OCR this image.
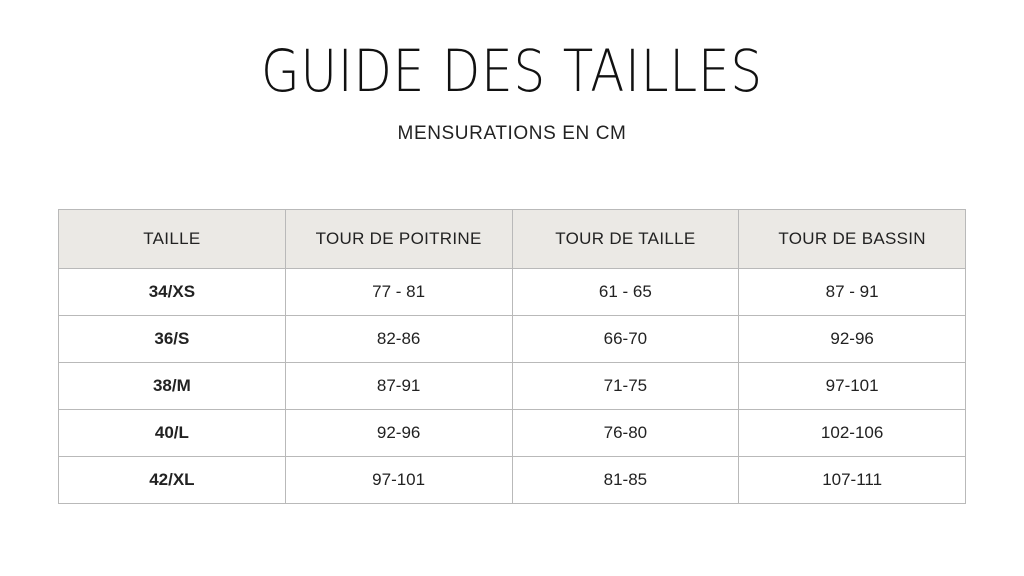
GUIDE DES TAILLES
MENSURATIONS EN CM
TAILLE	TOUR DE POITRINE	TOUR DE TAILLE	TOUR DE BASSIN
34/XS	77 - 81	61 - 65	87 - 91
36/S	82-86	66-70	92-96
38/M	87-91	71-75	97-101
40/L	92-96	76-80	102-106
42/XL	97-101	81-85	107-111
